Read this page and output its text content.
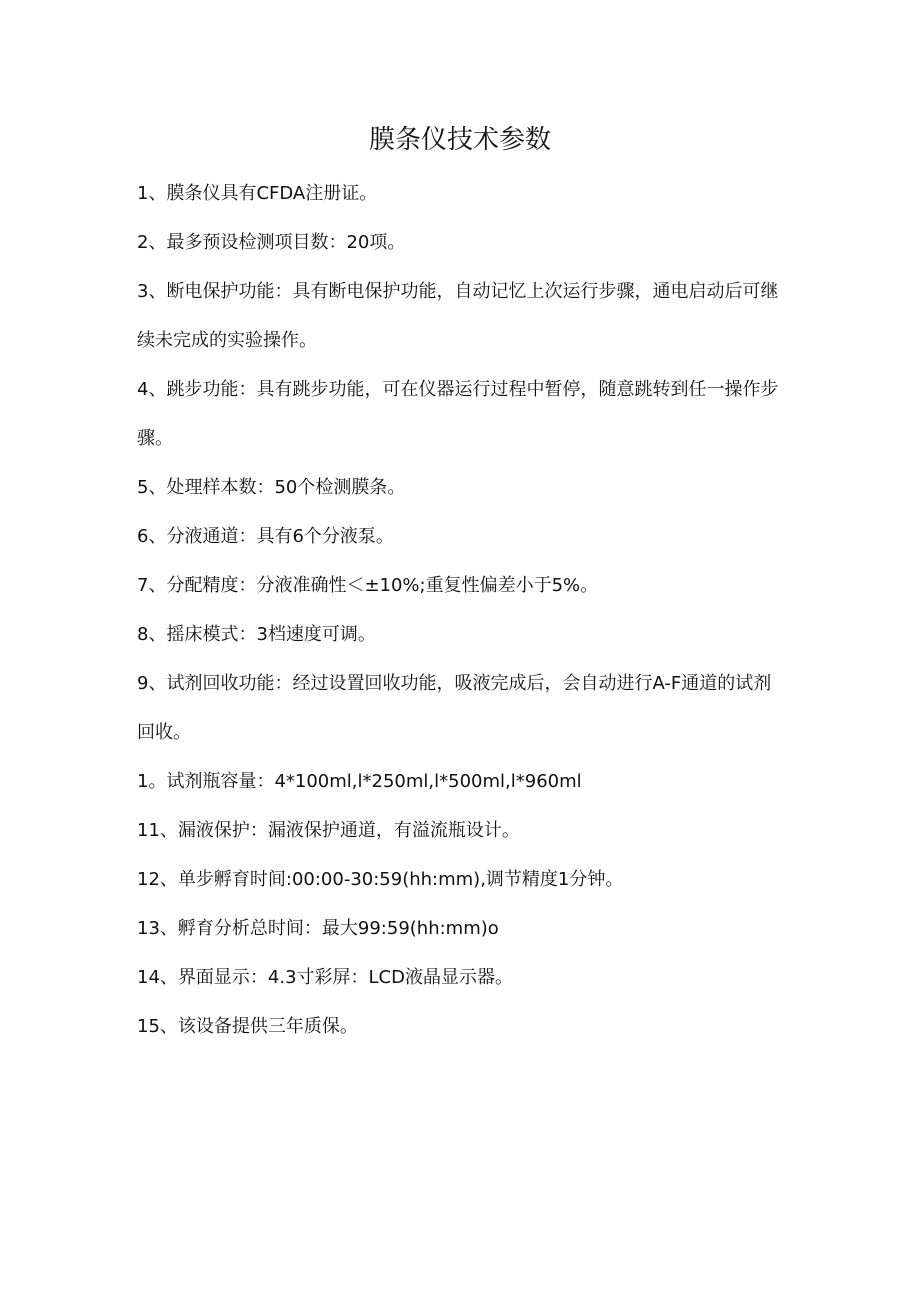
膜条仪技术参数
1、膜条仪具有CFDA注册证。
2、最多预设检测项目数：20项。
3、断电保护功能：具有断电保护功能，自动记忆上次运行步骤，通电启动后可继续未完成的实验操作。
4、跳步功能：具有跳步功能，可在仪器运行过程中暂停，随意跳转到任一操作步骤。
5、处理样本数：50个检测膜条。
6、分液通道：具有6个分液泵。
7、分配精度：分液准确性＜±10%;重复性偏差小于5%。
8、摇床模式：3档速度可调。
9、试剂回收功能：经过设置回收功能，吸液完成后，会自动进行A-F通道的试剂回收。
1。试剂瓶容量：4*100ml,l*250ml,l*500ml,l*960ml
11、漏液保护：漏液保护通道，有溢流瓶设计。
12、单步孵育时间:00:00-30:59(hh:mm),调节精度1分钟。
13、孵育分析总时间：最大99:59(hh:mm)o
14、界面显示：4.3寸彩屏：LCD液晶显示器。
15、该设备提供三年质保。
